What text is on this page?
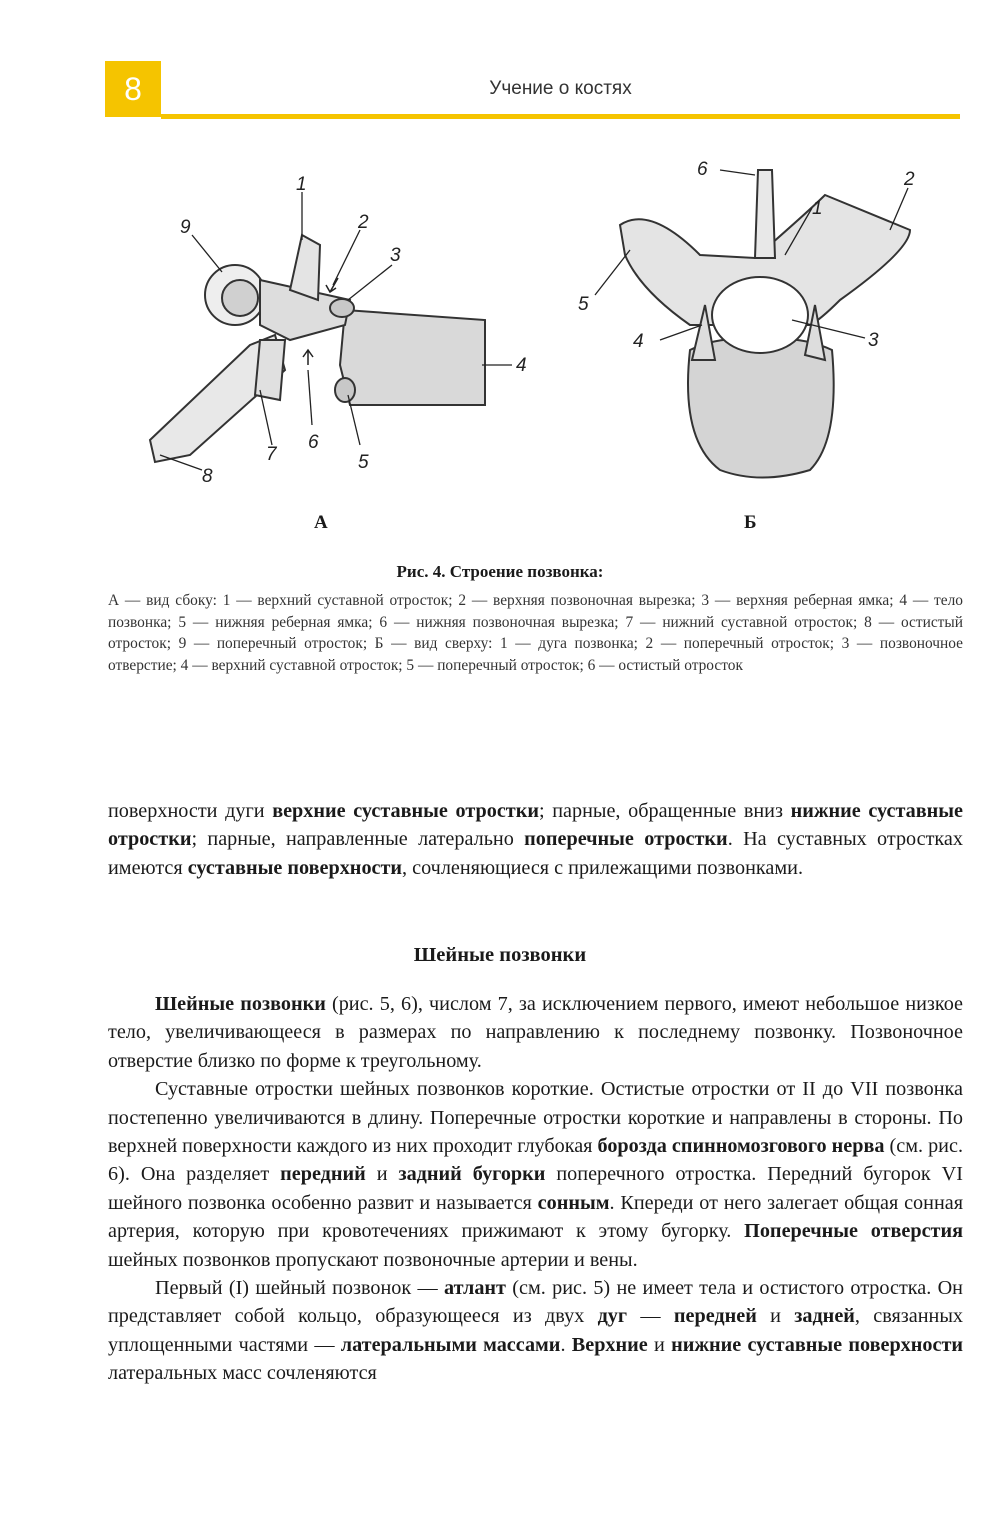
8	Учение о костях
1
2
3
4
5
6
7
8
9
6
1
2
5
4	3
А	Б
Рис. 4. Строение позвонка:
А — вид сбоку: 1 — верхний суставной отросток; 2 — верхняя позвоночная вырезка; 3 — верхняя реберная ямка; 4 — тело позвонка; 5 — нижняя реберная ямка; 6 — нижняя позвоночная вырезка; 7 — нижний суставной отросток; 8 — остистый отросток; 9 — поперечный отросток; Б — вид сверху: 1 — дуга позвонка; 2 — поперечный отросток; 3 — позвоночное отверстие; 4 — верхний суставной отросток; 5 — поперечный отросток; 6 — остистый отросток

поверхности дуги верхние суставные отростки; парные, обращенные вниз нижние суставные отростки; парные, направленные латерально поперечные отростки. На суставных отростках имеются суставные поверхности, сочленяющиеся с прилежащими позвонками.

Шейные позвонки

Шейные позвонки (рис. 5, 6), числом 7, за исключением первого, имеют небольшое низкое тело, увеличивающееся в размерах по направлению к последнему позвонку. Позвоночное отверстие близко по форме к треугольному.

Суставные отростки шейных позвонков короткие. Остистые отростки от II до VII позвонка постепенно увеличиваются в длину. Поперечные отростки короткие и направлены в стороны. По верхней поверхности каждого из них проходит глубокая борозда спинномозгового нерва (см. рис. 6). Она разделяет передний и задний бугорки поперечного отростка. Передний бугорок VI шейного позвонка особенно развит и называется сонным. Кпереди от него залегает общая сонная артерия, которую при кровотечениях прижимают к этому бугорку. Поперечные отверстия шейных позвонков пропускают позвоночные артерии и вены.

Первый (I) шейный позвонок — атлант (см. рис. 5) не имеет тела и остистого отростка. Он представляет собой кольцо, образующееся из двух дуг — передней и задней, связанных уплощенными частями — латеральными массами. Верхние и нижние суставные поверхности латеральных масс сочленяются
